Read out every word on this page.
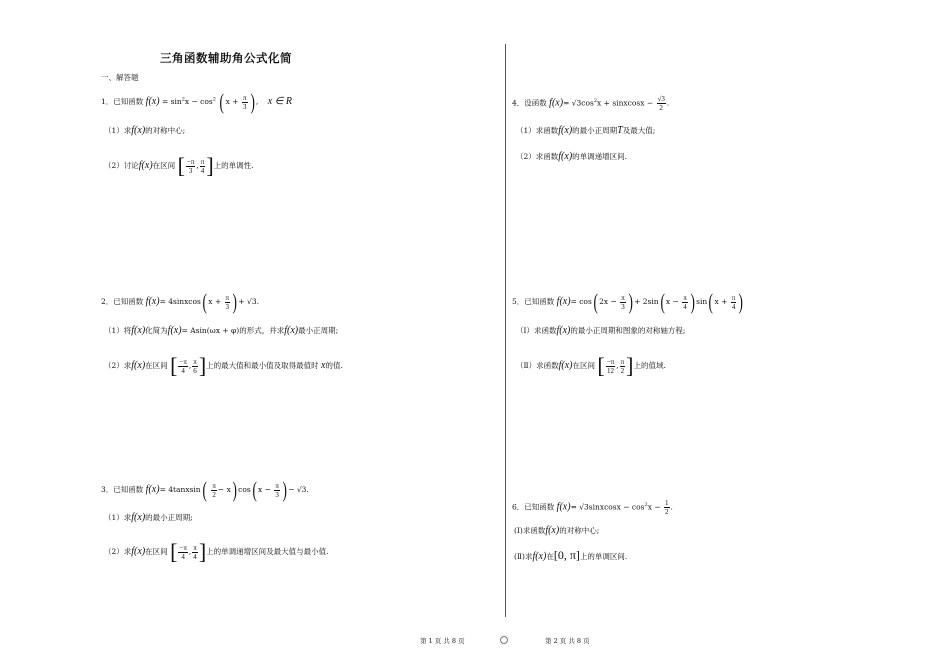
三角函数辅助角公式化简
一、解答题
1．已知函数 $f(x) = \sin^2x - \cos^2 (x + \frac{\pi}{3}$ ), x ∈ R
（1）求f(x)的对称中心;
（2）讨论f(x)在区间 [ $\frac{-\pi}{3}$ , $\frac{\pi}{4}$ ]上的单调性.
2．已知函数 f(x)= 4sinxcos(x + $\frac{\pi}{3}$ )+ √3.
（1）将f(x)化简为f(x)= Asin(ωx + φ)的形式，并求f(x)最小正周期;
（2）求f(x)在区间 [ $\frac{-\pi}{4}$ , $\frac{\pi}{6}$ ]上的最大值和最小值及取得最值时 x的值.
3．已知函数 f(x)= 4tanxsin( $\frac{\pi}{2} - x)\cos(x - \frac{\pi}{3}$ )− √3.
（1）求f(x)的最小正周期;
（2）求f(x)在区间 [ $\frac{-\pi}{4}$ , $\frac{\pi}{4}$ ]上的单调递增区间及最大值与最小值.
4．设函数 $f(x)= √3\cos^2x$ + sinxcosx − $\frac{√3}{2}$ .
（1）求函数f(x)的最小正周期T及最大值;
（2）求函数f(x)的单调递增区间.
5．已知函数 $f(x)= \cos(2x - \frac{\pi}{3}$ )+ $2\sin(x - \frac{\pi}{4} )\sin(x + \frac{\pi}{4}$ )
（Ⅰ）求函数f(x)的最小正周期和图象的对称轴方程;
（Ⅱ）求函数f(x)在区间 [ $\frac{-\pi}{12}$ , $\frac{\pi}{2}$ ]上的值域.
6．已知函数 f(x)= √3sinxcosx − $\cos^2x - \frac{1}{2}$ .
(Ⅰ)求函数f(x)的对称中心;
(Ⅱ)求f(x)在[0, π]上的单调区间.
第 1 页 共 8 页	第 2 页 共 8 页
